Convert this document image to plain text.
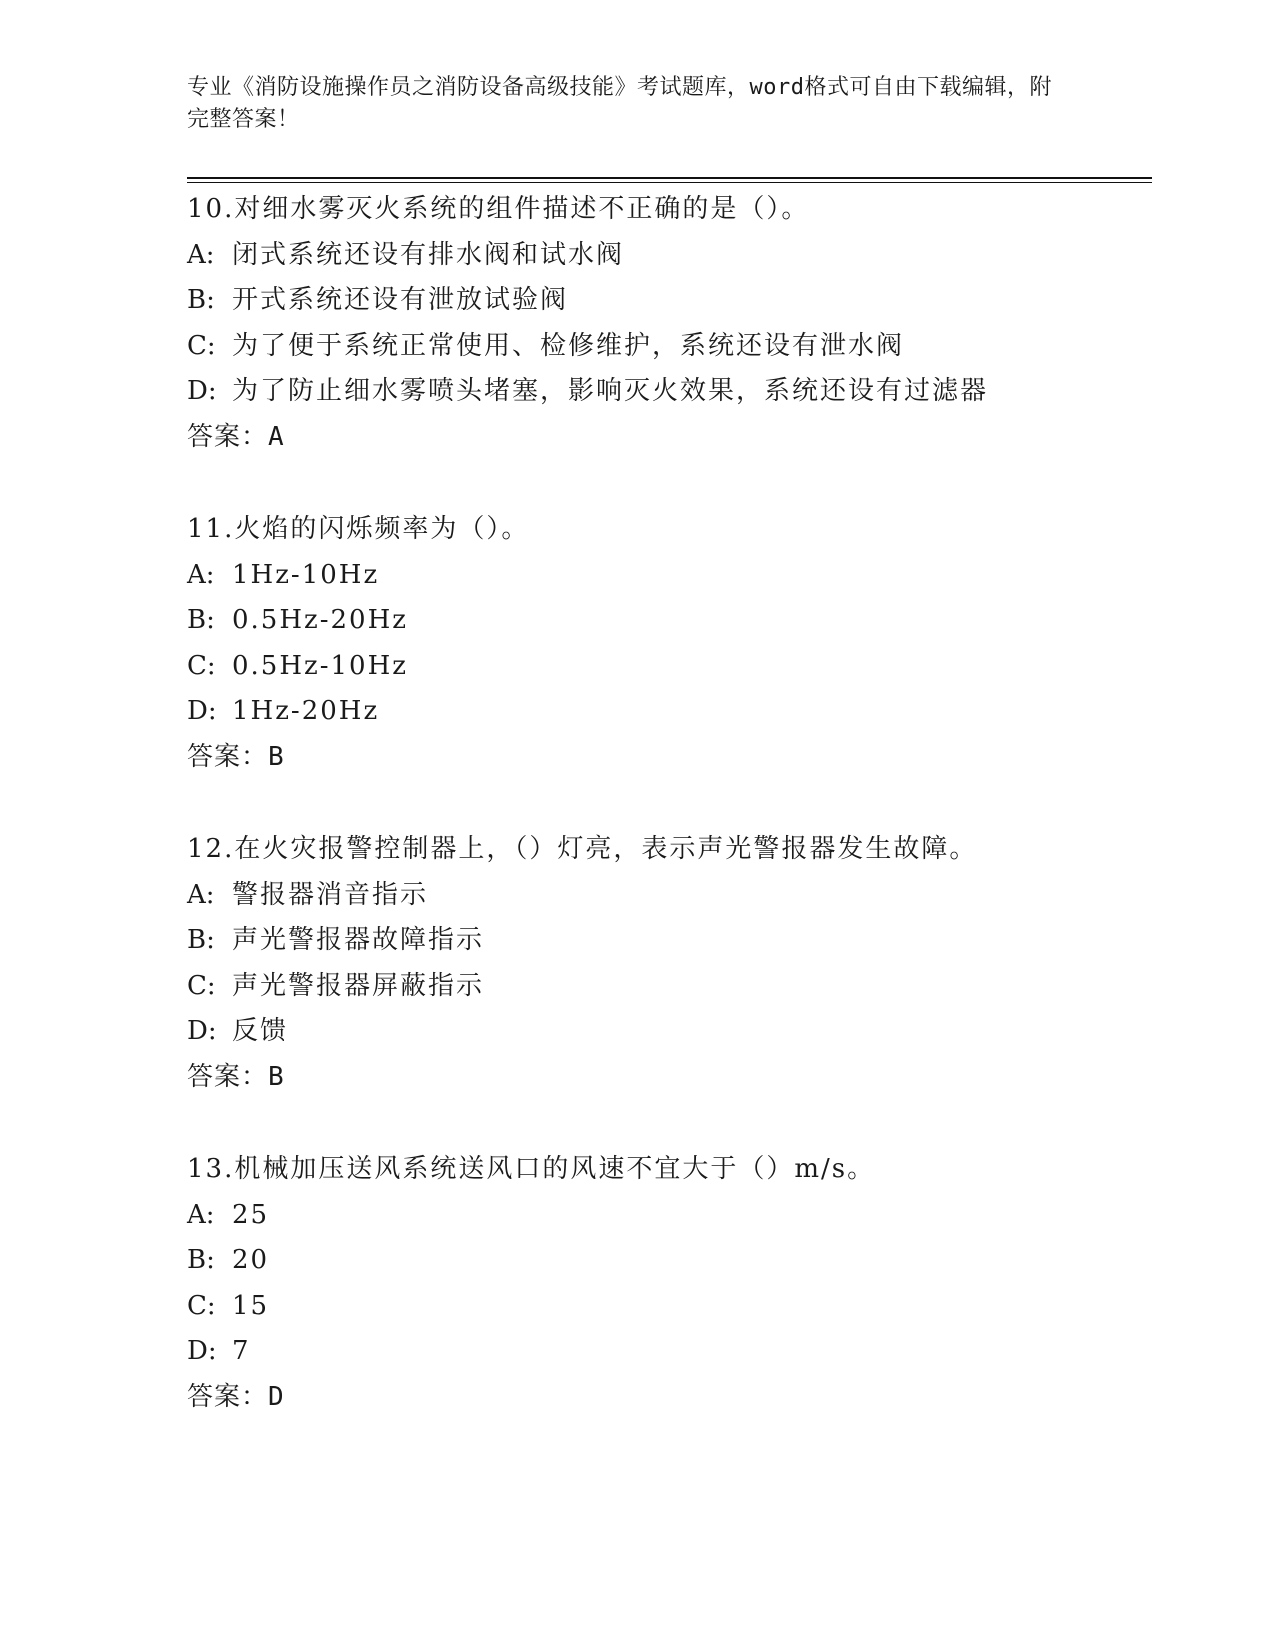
专业《消防设施操作员之消防设备高级技能》考试题库，word格式可自由下载编辑，附完整答案！
10.对细水雾灭火系统的组件描述不正确的是（）。
A: 闭式系统还设有排水阀和试水阀
B: 开式系统还设有泄放试验阀
C: 为了便于系统正常使用、检修维护，系统还设有泄水阀
D: 为了防止细水雾喷头堵塞，影响灭火效果，系统还设有过滤器
答案：A
11.火焰的闪烁频率为（）。
A: 1Hz-10Hz
B: 0.5Hz-20Hz
C: 0.5Hz-10Hz
D: 1Hz-20Hz
答案：B
12.在火灾报警控制器上，（）灯亮，表示声光警报器发生故障。
A: 警报器消音指示
B: 声光警报器故障指示
C: 声光警报器屏蔽指示
D: 反馈
答案：B
13.机械加压送风系统送风口的风速不宜大于（）m/s。
A: 25
B: 20
C: 15
D: 7
答案：D
